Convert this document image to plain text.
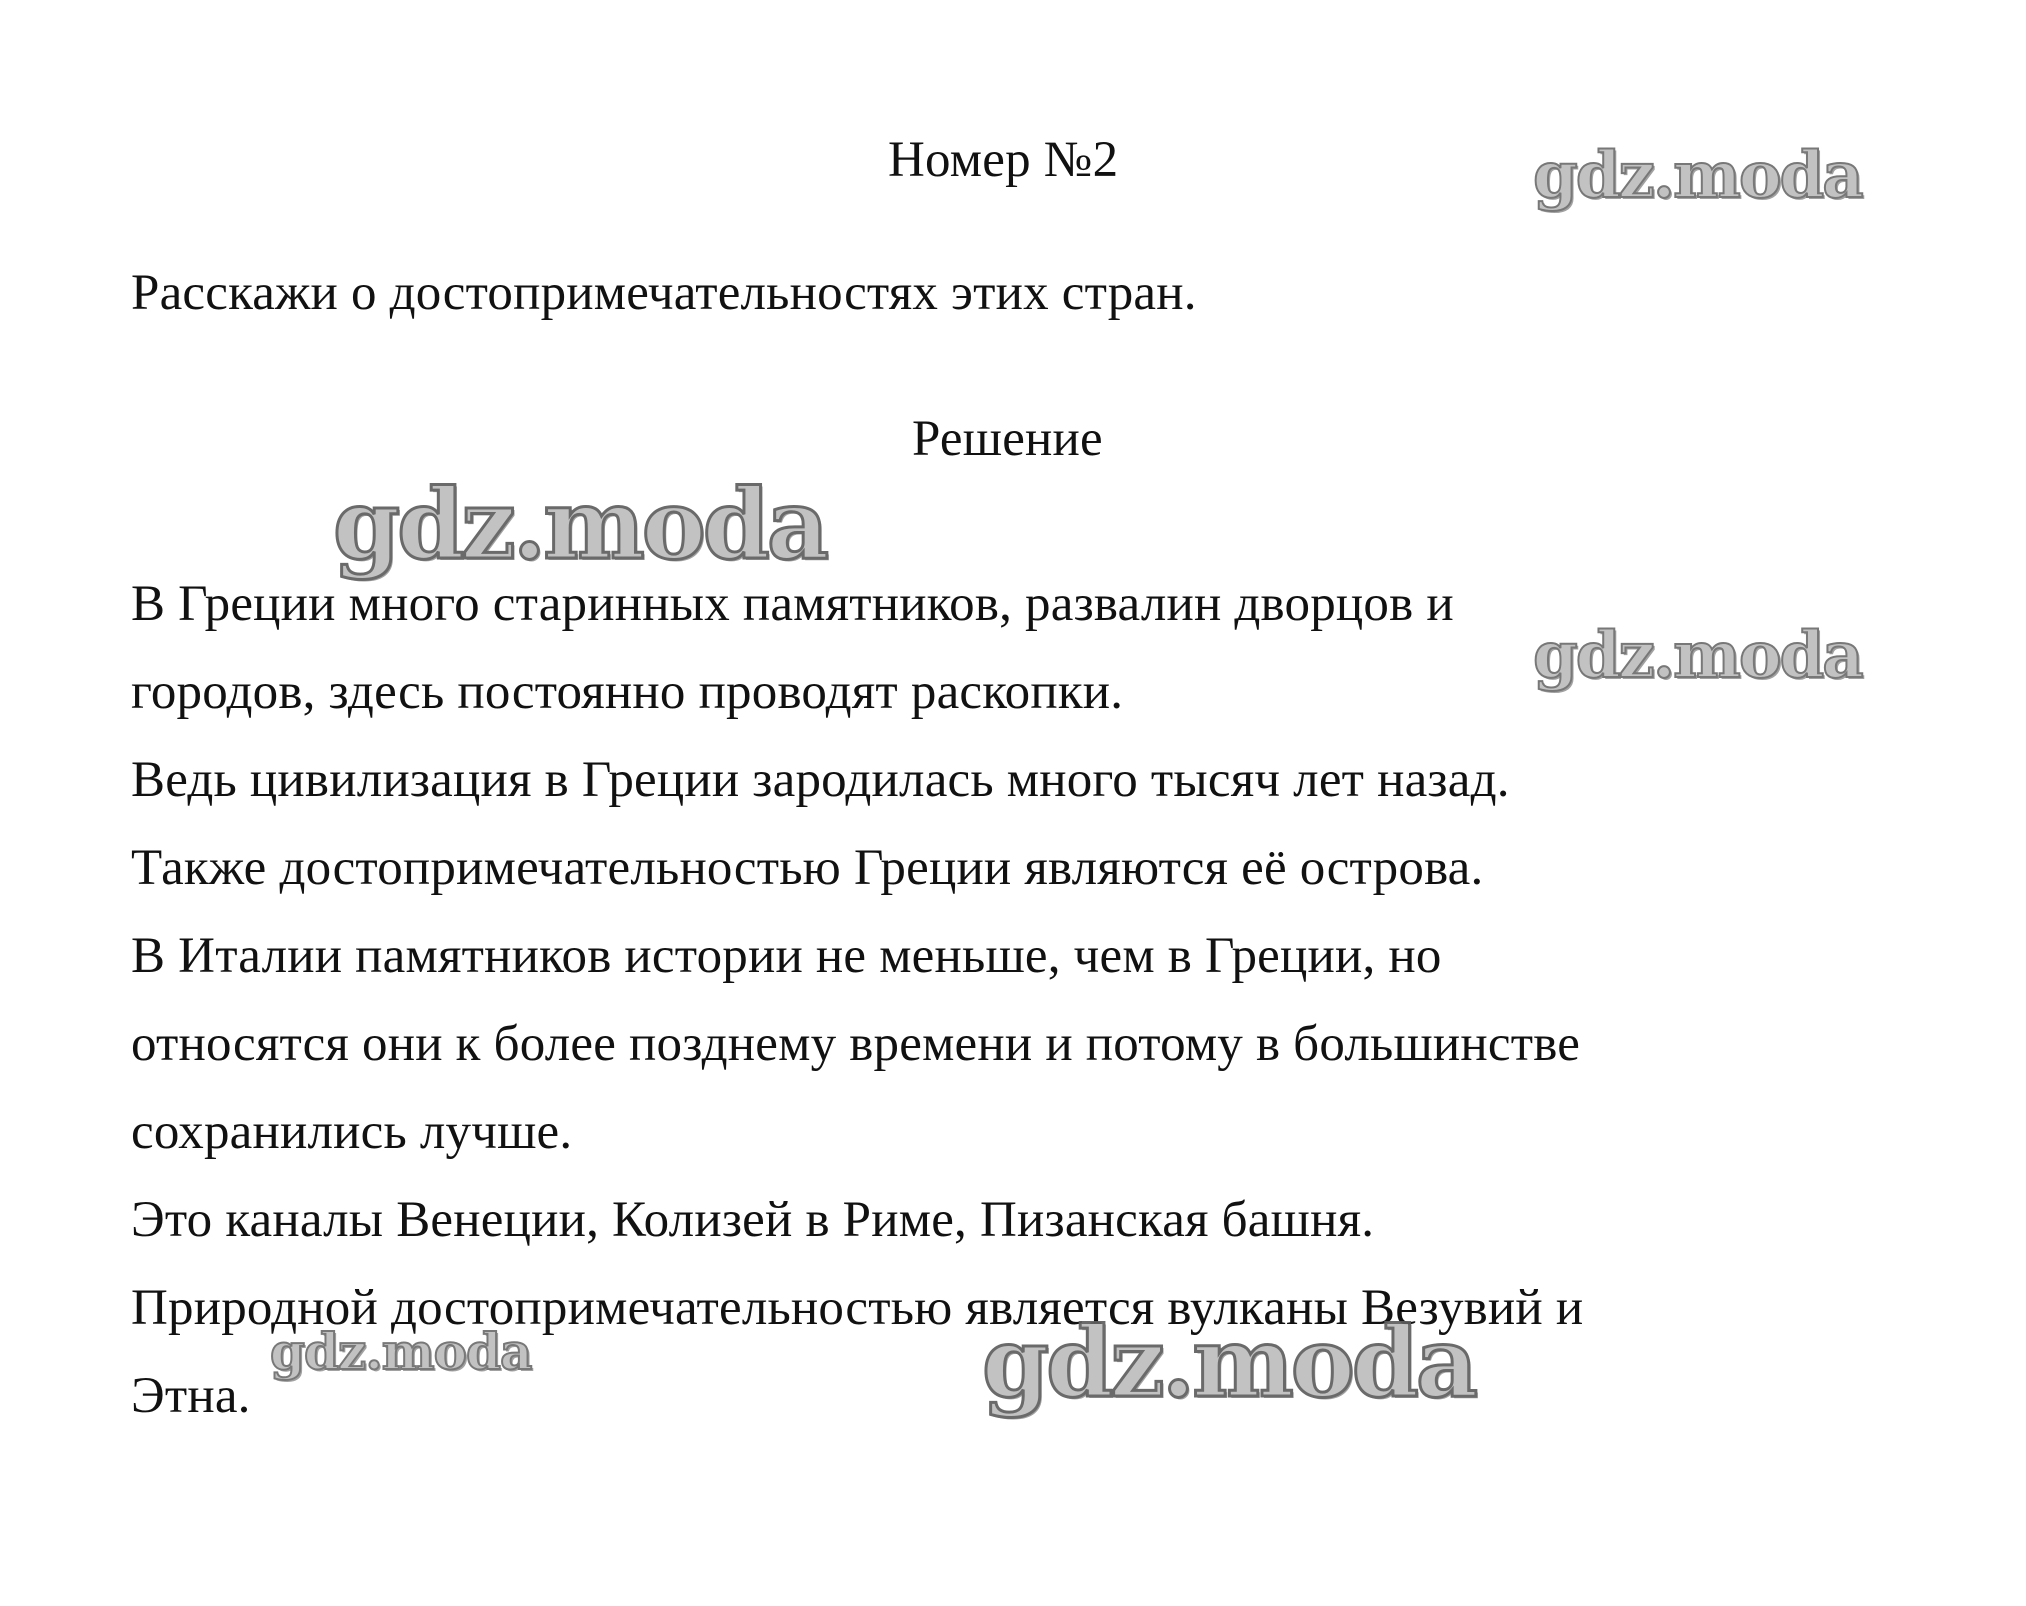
Номер №2
Расскажи о достопримечательностях этих стран.
Решение
В Греции много старинных памятников, развалин дворцов и
городов, здесь постоянно проводят раскопки.
Ведь цивилизация в Греции зародилась много тысяч лет назад.
Также достопримечательностью Греции являются её острова.
В Италии памятников истории не меньше, чем в Греции, но
относятся они к более позднему времени и потому в большинстве
сохранились лучше.
Это каналы Венеции, Колизей в Риме, Пизанская башня.
Природной достопримечательностью является вулканы Везувий и
Этна.
gdz.moda
gdz.moda
gdz.moda
gdz.moda	gdz.moda
